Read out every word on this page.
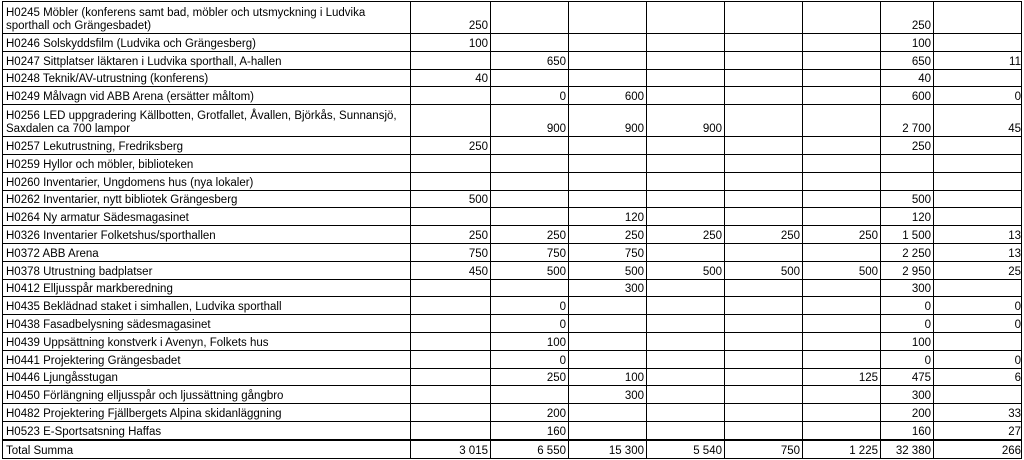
H0245 Möbler (konferens samt bad, möbler och utsmyckning i Ludvika sporthall och Grängesbadet)	250						250	
H0246 Solskyddsfilm (Ludvika och Grängesberg)	100						100	
H0247 Sittplatser läktaren i Ludvika sporthall, A-hallen		650					650	11
H0248 Teknik/AV-utrustning (konferens)	40						40	
H0249 Målvagn vid ABB Arena (ersätter måltom)		0	600				600	0
H0256 LED uppgradering Källbotten, Grotfallet, Åvallen, Björkås, Sunnansjö, Saxdalen ca 700 lampor		900	900	900			2 700	45
H0257 Lekutrustning, Fredriksberg	250						250	
H0259 Hyllor och möbler, biblioteken								
H0260 Inventarier, Ungdomens hus (nya lokaler)								
H0262 Inventarier, nytt bibliotek Grängesberg	500						500	
H0264 Ny armatur Sädesmagasinet			120				120	
H0326 Inventarier Folketshus/sporthallen	250	250	250	250	250	250	1 500	13
H0372 ABB Arena	750	750	750				2 250	13
H0378 Utrustning badplatser	450	500	500	500	500	500	2 950	25
H0412 Elljusspår markberedning			300				300	
H0435 Beklädnad staket i simhallen, Ludvika sporthall		0					0	0
H0438 Fasadbelysning sädesmagasinet		0					0	0
H0439 Uppsättning konstverk i Avenyn, Folkets hus		100					100	
H0441 Projektering Grängesbadet		0					0	0
H0446 Ljungåsstugan		250	100			125	475	6
H0450 Förlängning elljusspår och ljussättning gångbro			300				300	
H0482 Projektering Fjällbergets Alpina skidanläggning		200					200	33
H0523 E-Sportsatsning Haffas		160					160	27
Total Summa	3 015	6 550	15 300	5 540	750	1 225	32 380	266
